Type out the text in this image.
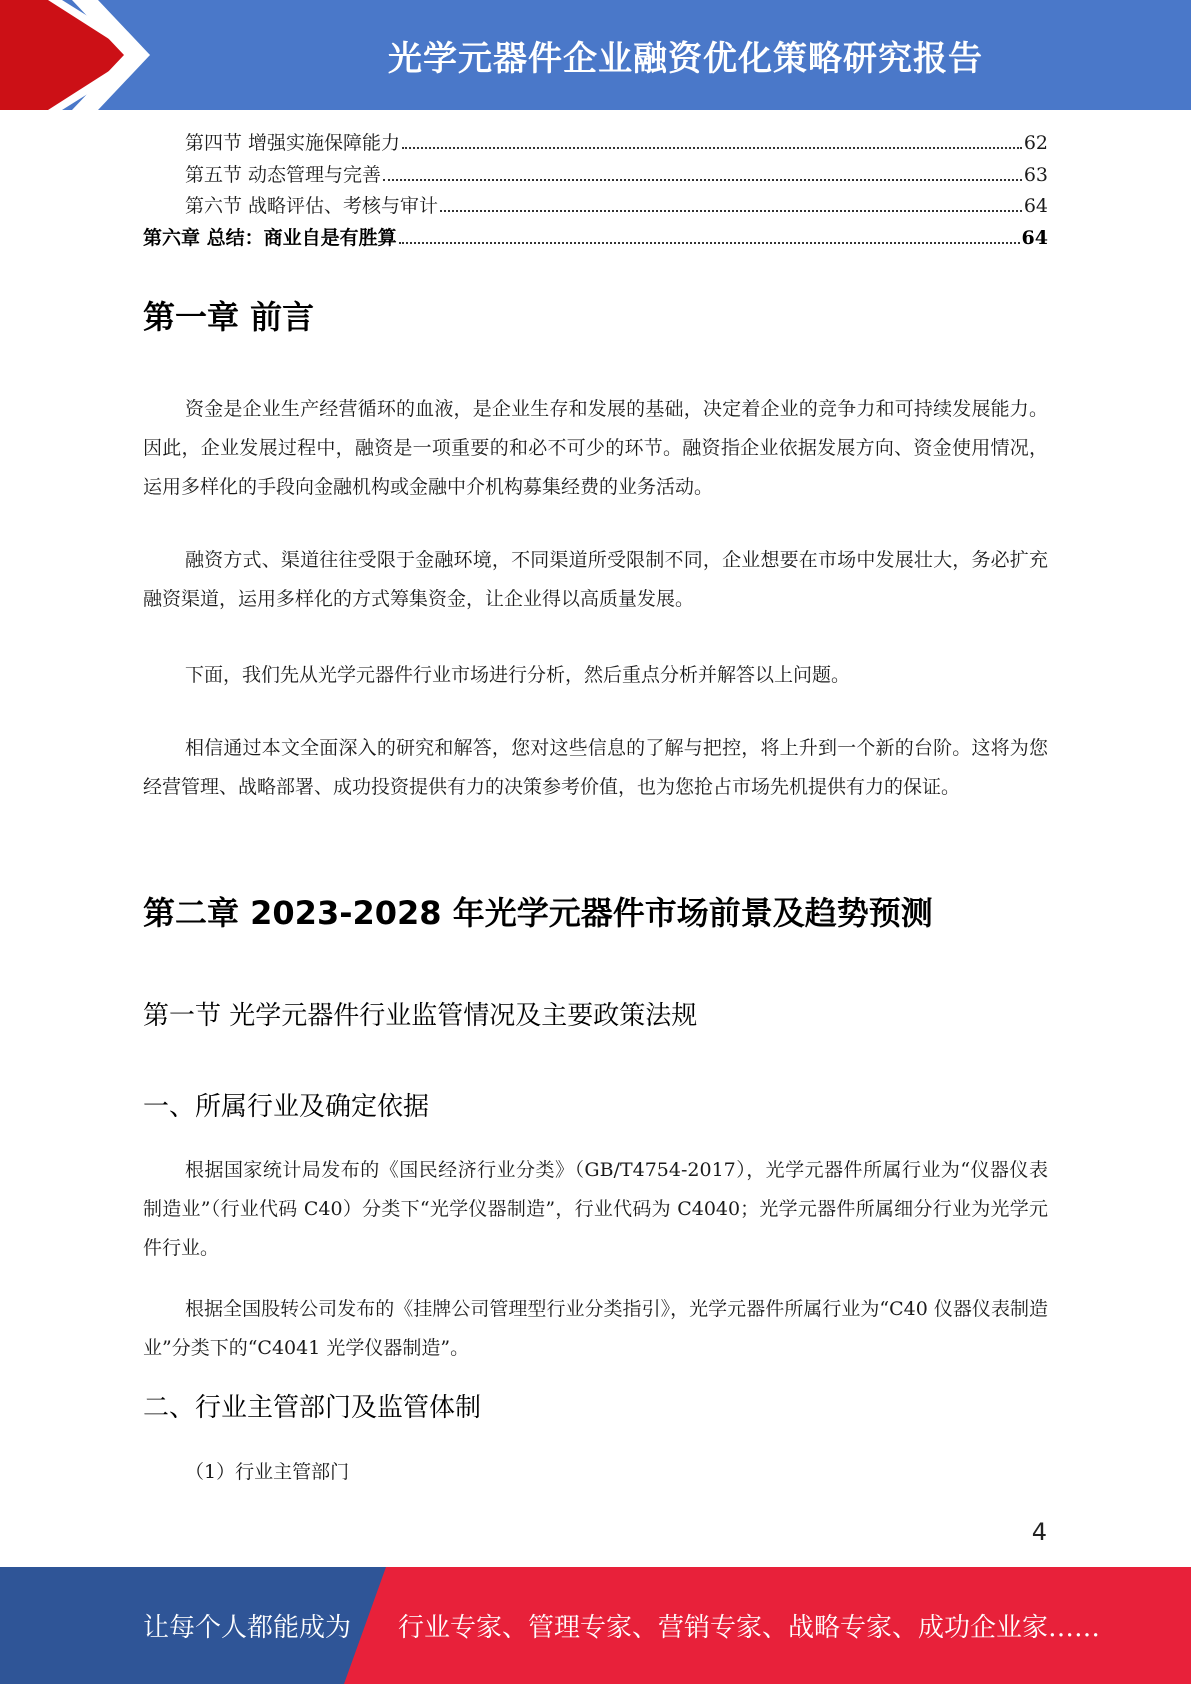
光学元器件企业融资优化策略研究报告
第四节 增强实施保障能力	62
第五节 动态管理与完善	63
第六节 战略评估、考核与审计	64
第六章 总结：商业自是有胜算	64
第一章 前言
资金是企业生产经营循环的血液，是企业生存和发展的基础，决定着企业的竞争力和可持续发展能力。因此，企业发展过程中，融资是一项重要的和必不可少的环节。融资指企业依据发展方向、资金使用情况，运用多样化的手段向金融机构或金融中介机构募集经费的业务活动。
融资方式、渠道往往受限于金融环境，不同渠道所受限制不同，企业想要在市场中发展壮大，务必扩充融资渠道，运用多样化的方式筹集资金，让企业得以高质量发展。
下面，我们先从光学元器件行业市场进行分析，然后重点分析并解答以上问题。
相信通过本文全面深入的研究和解答，您对这些信息的了解与把控，将上升到一个新的台阶。这将为您经营管理、战略部署、成功投资提供有力的决策参考价值，也为您抢占市场先机提供有力的保证。
第二章 2023-2028 年光学元器件市场前景及趋势预测
第一节 光学元器件行业监管情况及主要政策法规
一、所属行业及确定依据
根据国家统计局发布的《国民经济行业分类》（GB/T4754-2017），光学元器件所属行业为“仪器仪表制造业”（行业代码 C40）分类下“光学仪器制造”，行业代码为 C4040；光学元器件所属细分行业为光学元件行业。
根据全国股转公司发布的《挂牌公司管理型行业分类指引》，光学元器件所属行业为“C40 仪器仪表制造业”分类下的“C4041 光学仪器制造”。
二、行业主管部门及监管体制
（1）行业主管部门
4
让每个人都能成为 行业专家、管理专家、营销专家、战略专家、成功企业家……
